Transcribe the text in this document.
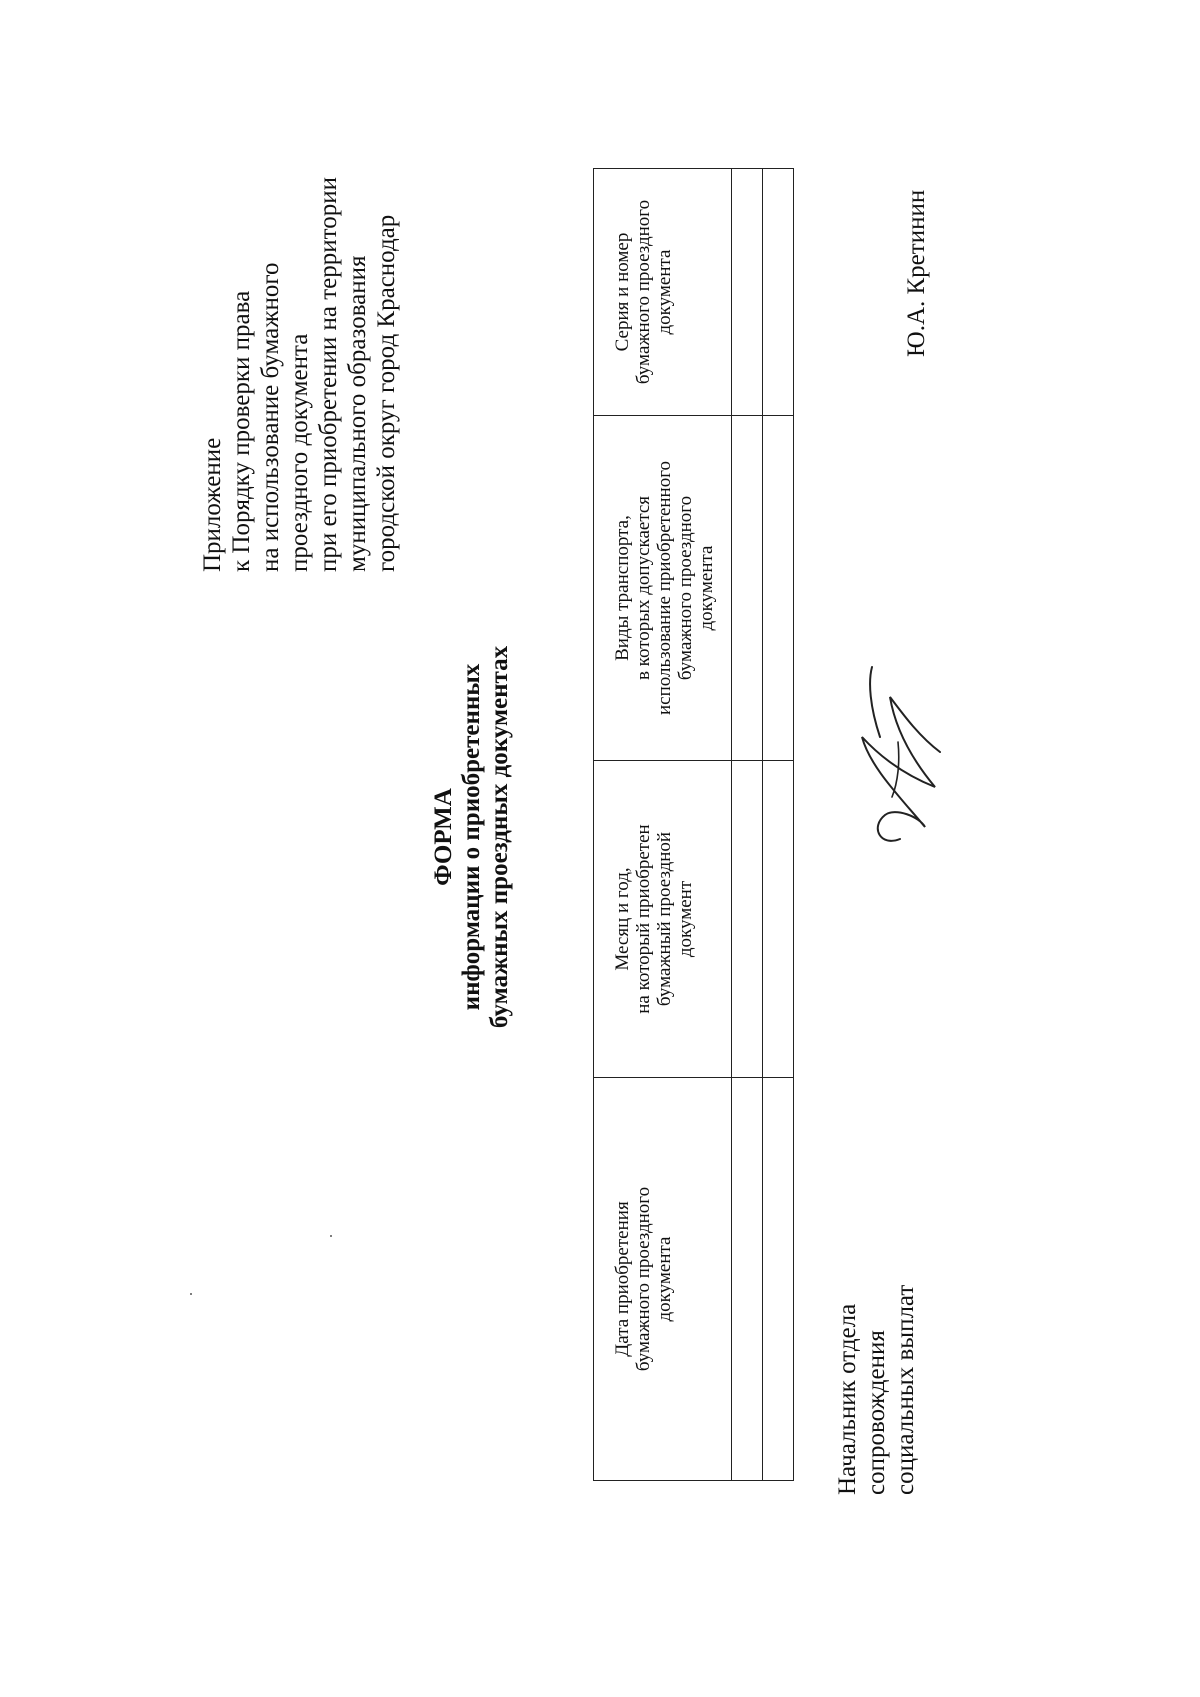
Приложение к Порядку проверки права на использование бумажного проездного документа при его приобретении на территории муниципального образования городской округ город Краснодар
ФОРМА информации о приобретенных бумажных проездных документах
Дата приобретения бумажного проездного документа	Месяц и год, на который приобретен бумажный проездной документ	Виды транспорта, в которых допускается использование приобретенного бумажного проездного документа	Серия и номер бумажного проездного документа

Начальник отдела сопровождения социальных выплат
Ю.А. Кретинин
